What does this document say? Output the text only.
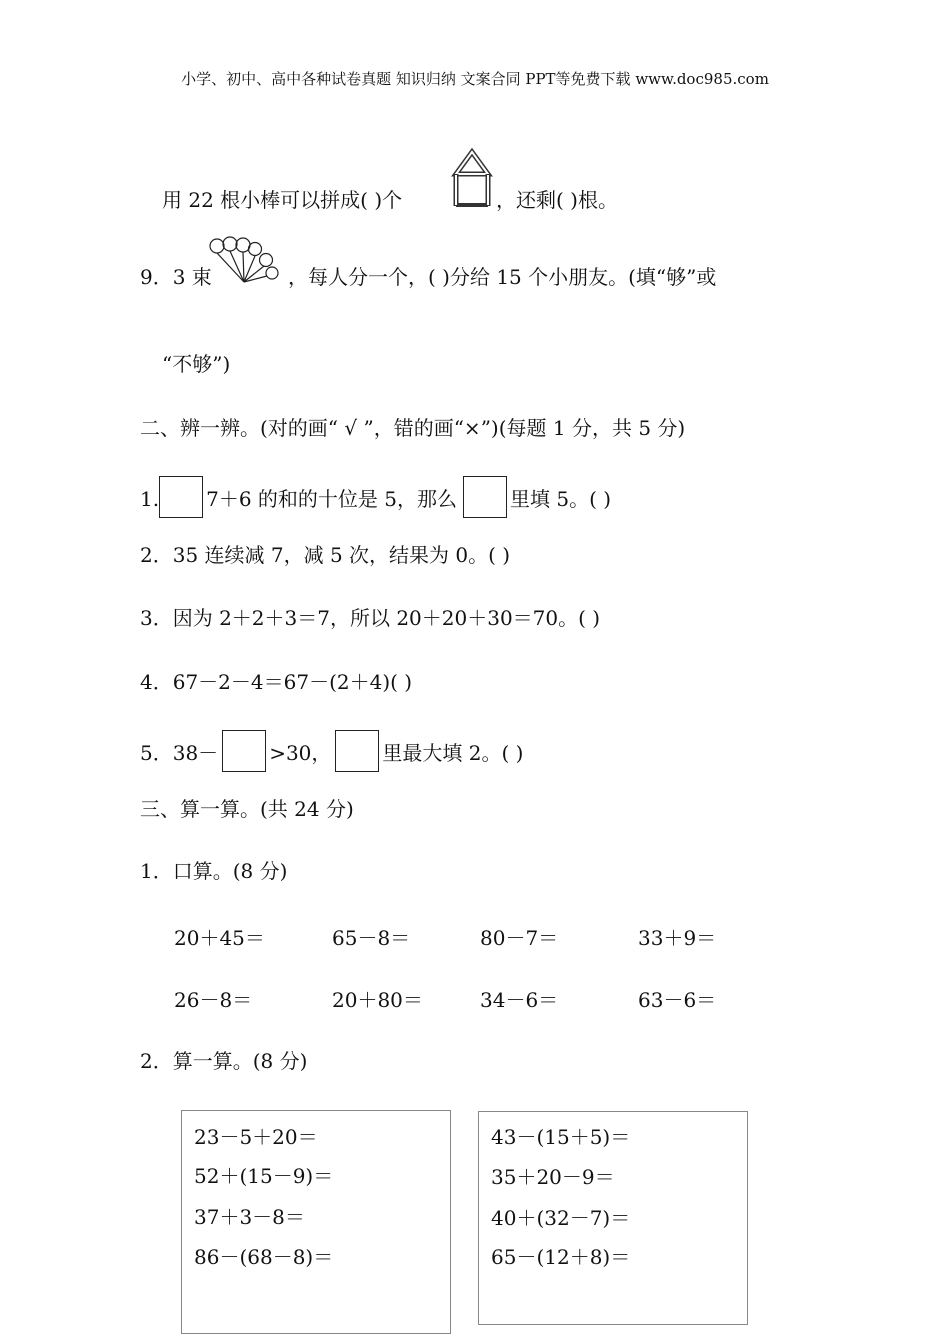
小学、初中、高中各种试卷真题 知识归纳 文案合同 PPT等免费下载 www.doc985.com
用 22 根小棒可以拼成( )个	，还剩( )根。
9．3 束	，每人分一个，( )分给 15 个小朋友。(填“够”或
“不够”)
二、辨一辨。(对的画“ √ ”，错的画“×”)(每题 1 分，共 5 分)
1. 7＋6 的和的十位是 5，那么	里填 5。( )
2．35 连续减 7，减 5 次，结果为 0。( )
3．因为 2＋2＋3＝7，所以 20＋20＋30＝70。( )
4．67－2－4＝67－(2＋4)( )
5．38－	>30，	里最大填 2。( )
三、算一算。(共 24 分)
1．口算。(8 分)
20＋45＝	65－8＝	80－7＝	33＋9＝
26－8＝	20＋80＝	34－6＝	63－6＝
2．算一算。(8 分)
23－5＋20＝
52＋(15－9)＝
37＋3－8＝
86－(68－8)＝
43－(15＋5)＝
35＋20－9＝
40＋(32－7)＝
65－(12＋8)＝
